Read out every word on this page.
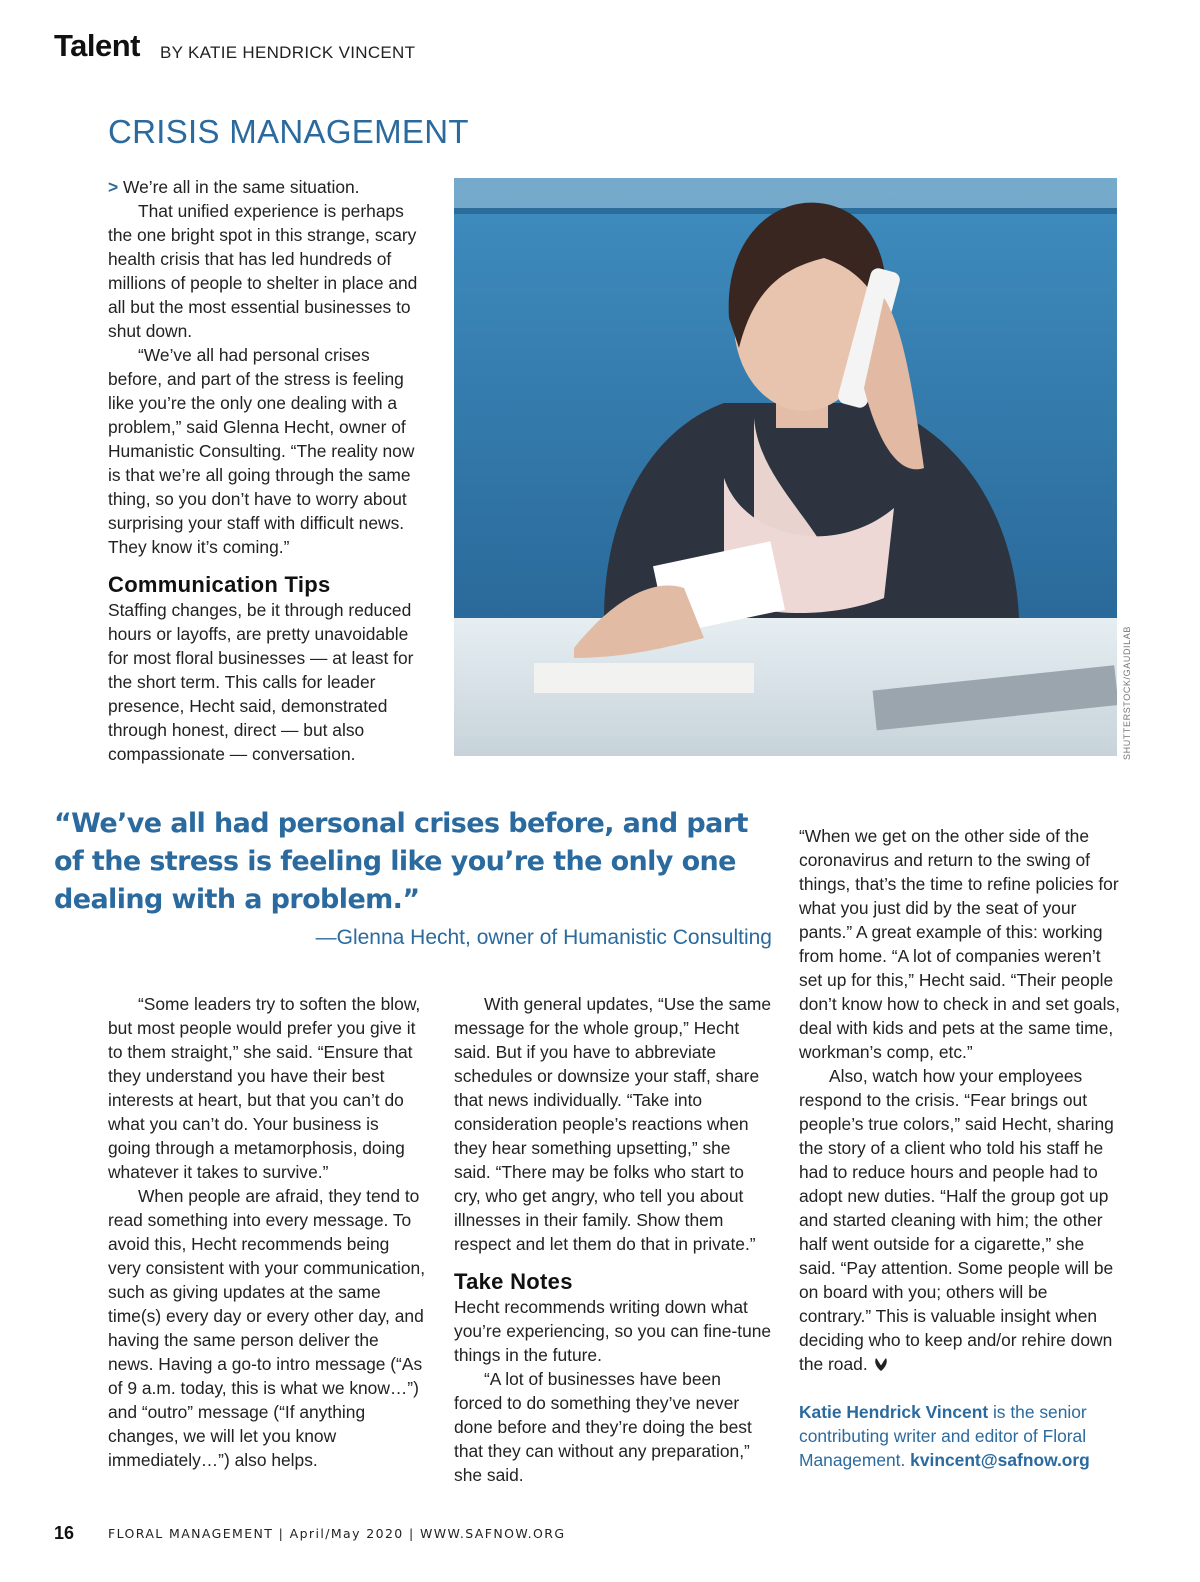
Talent BY KATIE HENDRICK VINCENT
CRISIS MANAGEMENT

> We’re all in the same situation.

That unified experience is perhaps the one bright spot in this strange, scary health crisis that has led hundreds of millions of people to shelter in place and all but the most essential businesses to shut down.

“We’ve all had personal crises before, and part of the stress is feeling like you’re the only one dealing with a problem,” said Glenna Hecht, owner of Humanistic Consulting. “The reality now is that we’re all going through the same thing, so you don’t have to worry about surprising your staff with difficult news. They know it’s coming.”

Communication Tips

Staffing changes, be it through reduced hours or layoffs, are pretty unavoidable for most floral businesses — at least for the short term. This calls for leader presence, Hecht said, demonstrated through honest, direct — but also compassionate — conversation.	SHUTTERSTOCK/GAUDILAB
“We’ve all had personal crises before, and part of the stress is feeling like you’re the only one dealing with a problem.”
—Glenna Hecht, owner of Humanistic Consulting

“Some leaders try to soften the blow, but most people would prefer you give it to them straight,” she said. “Ensure that they understand you have their best interests at heart, but that you can’t do what you can’t do. Your business is going through a metamorphosis, doing whatever it takes to survive.”

When people are afraid, they tend to read something into every message. To avoid this, Hecht recommends being very consistent with your communication, such as giving updates at the same time(s) every day or every other day, and having the same person deliver the news. Having a go-to intro message (“As of 9 a.m. today, this is what we know…”) and “outro” message (“If anything changes, we will let you know immediately…”) also helps.

With general updates, “Use the same message for the whole group,” Hecht said. But if you have to abbreviate schedules or downsize your staff, share that news individually. “Take into consideration people’s reactions when they hear something upsetting,” she said. “There may be folks who start to cry, who get angry, who tell you about illnesses in their family. Show them respect and let them do that in private.”

Take Notes

Hecht recommends writing down what you’re experiencing, so you can fine-tune things in the future.

“A lot of businesses have been forced to do something they’ve never done before and they’re doing the best that they can without any preparation,” she said.

“When we get on the other side of the coronavirus and return to the swing of things, that’s the time to refine policies for what you just did by the seat of your pants.” A great example of this: working from home. “A lot of companies weren’t set up for this,” Hecht said. “Their people don’t know how to check in and set goals, deal with kids and pets at the same time, workman’s comp, etc.”

Also, watch how your employees respond to the crisis. “Fear brings out people’s true colors,” said Hecht, sharing the story of a client who told his staff he had to reduce hours and people had to adopt new duties. “Half the group got up and started cleaning with him; the other half went outside for a cigarette,” she said. “Pay attention. Some people will be on board with you; others will be contrary.” This is valuable insight when deciding who to keep and/or rehire down the road.

Katie Hendrick Vincent is the senior contributing writer and editor of Floral Management. kvincent@safnow.org

16	FLORAL MANAGEMENT | April/May 2020 | WWW.SAFNOW.ORG
